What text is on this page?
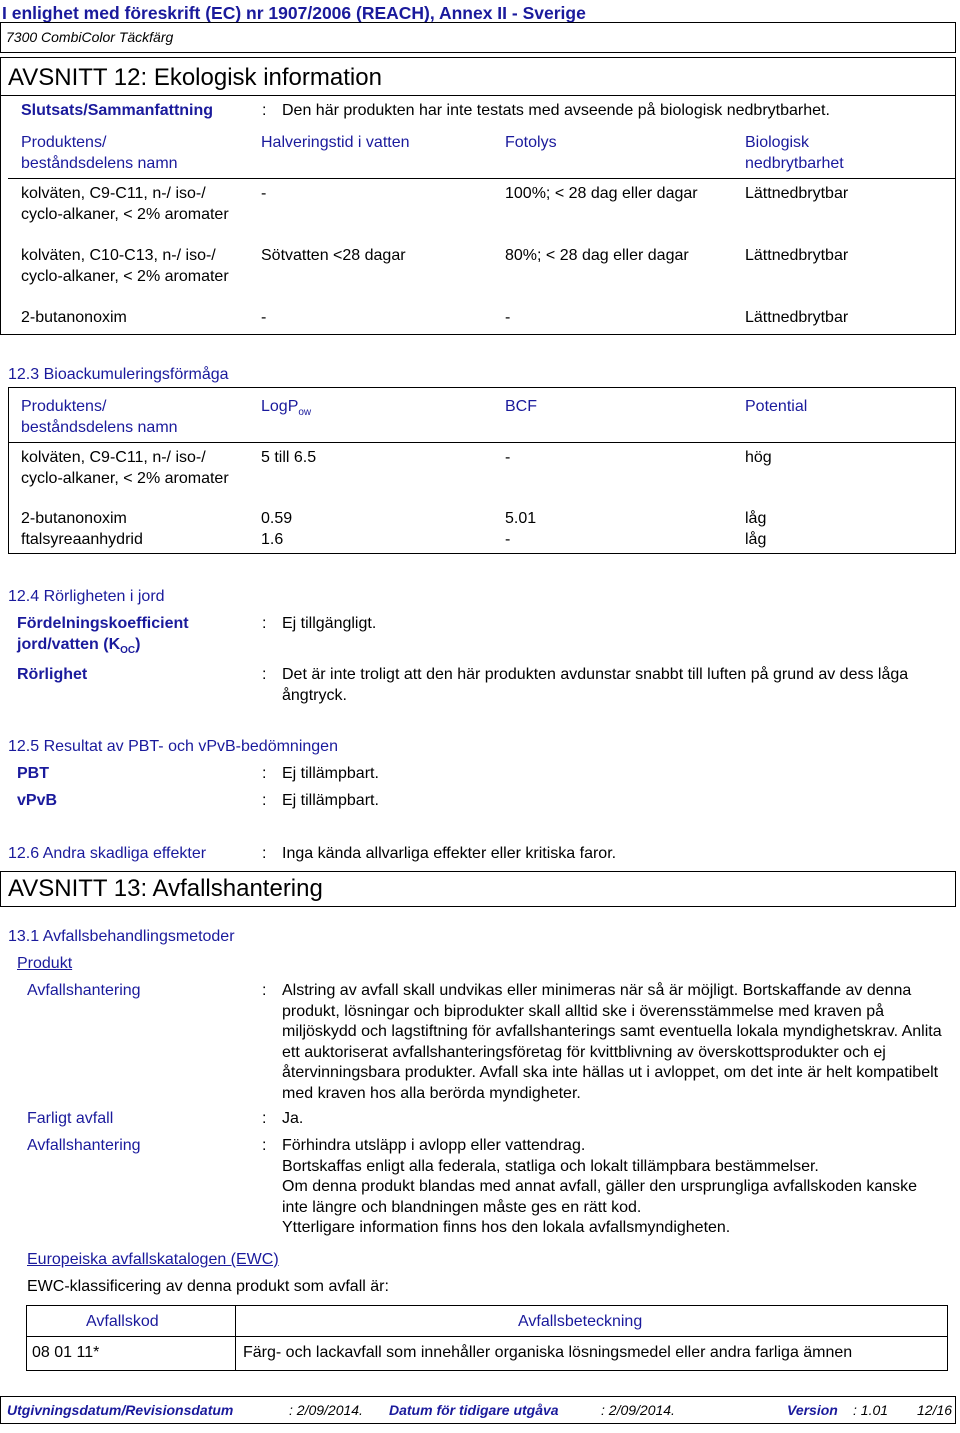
I enlighet med föreskrift (EC) nr 1907/2006 (REACH), Annex II - Sverige
7300 CombiColor Täckfärg
AVSNITT 12: Ekologisk information
Slutsats/Sammanfattning	: Den här produkten har inte testats med avseende på biologisk nedbrytbarhet.
Produktens/ beståndsdelens namn
Halveringstid i vatten	Fotolys	Biologisk nedbrytbarhet
kolväten, C9-C11, n-/ iso-/ cyclo-alkaner, < 2% aromater
-	100%; < 28 dag eller dagar	Lättnedbrytbar
kolväten, C10-C13, n-/ iso-/ cyclo-alkaner, < 2% aromater
Sötvatten <28 dagar	80%; < 28 dag eller dagar	Lättnedbrytbar
2-butanonoxim	-	-	Lättnedbrytbar
12.3 Bioackumuleringsförmåga
Produktens/ beståndsdelens namn
LogP$_{ow}$	BCF	Potential
kolväten, C9-C11, n-/ iso-/ cyclo-alkaner, < 2% aromater
5 till 6.5	-	hög
2-butanonoxim	0.59	5.01	låg
ftalsyreaanhydrid	1.6	-	låg
12.4 Rörligheten i jord
Fördelningskoefficient
jord/vatten $(K_{OC})$
: Ej tillgängligt.
Rörlighet	: Det är inte troligt att den här produkten avdunstar snabbt till luften på grund av dess låga ångtryck.
12.5 Resultat av PBT- och vPvB-bedömningen
PBT	: Ej tillämpbart.
vPvB	: Ej tillämpbart.
12.6 Andra skadliga effekter	: Inga kända allvarliga effekter eller kritiska faror.
AVSNITT 13: Avfallshantering
13.1 Avfallsbehandlingsmetoder
Produkt
Avfallshantering	: Alstring av avfall skall undvikas eller minimeras när så är möjligt. Bortskaffande av denna produkt, lösningar och biprodukter skall alltid ske i överensstämmelse med kraven på miljöskydd och lagstiftning för avfallshanterings samt eventuella lokala myndighetskrav. Anlita ett auktoriserat avfallshanteringsföretag för kvittblivning av överskottsprodukter och ej återvinningsbara produkter. Avfall ska inte hällas ut i avloppet, om det inte är helt kompatibelt med kraven hos alla berörda myndigheter.
Farligt avfall	: Ja.
Avfallshantering	: Förhindra utsläpp i avlopp eller vattendrag.
Bortskaffas enligt alla federala, statliga och lokalt tillämpbara bestämmelser.
Om denna produkt blandas med annat avfall, gäller den ursprungliga avfallskoden kanske inte längre och blandningen måste ges en rätt kod.
Ytterligare information finns hos den lokala avfallsmyndigheten.
Europeiska avfallskatalogen (EWC)
EWC-klassificering av denna produkt som avfall är:
Avfallskod	Avfallsbeteckning
08 01 11*	Färg- och lackavfall som innehåller organiska lösningsmedel eller andra farliga ämnen
Utgivningsdatum/Revisionsdatum	: 2/09/2014. Datum för tidigare utgåva	: 2/09/2014.	Version : 1.01 12/16
